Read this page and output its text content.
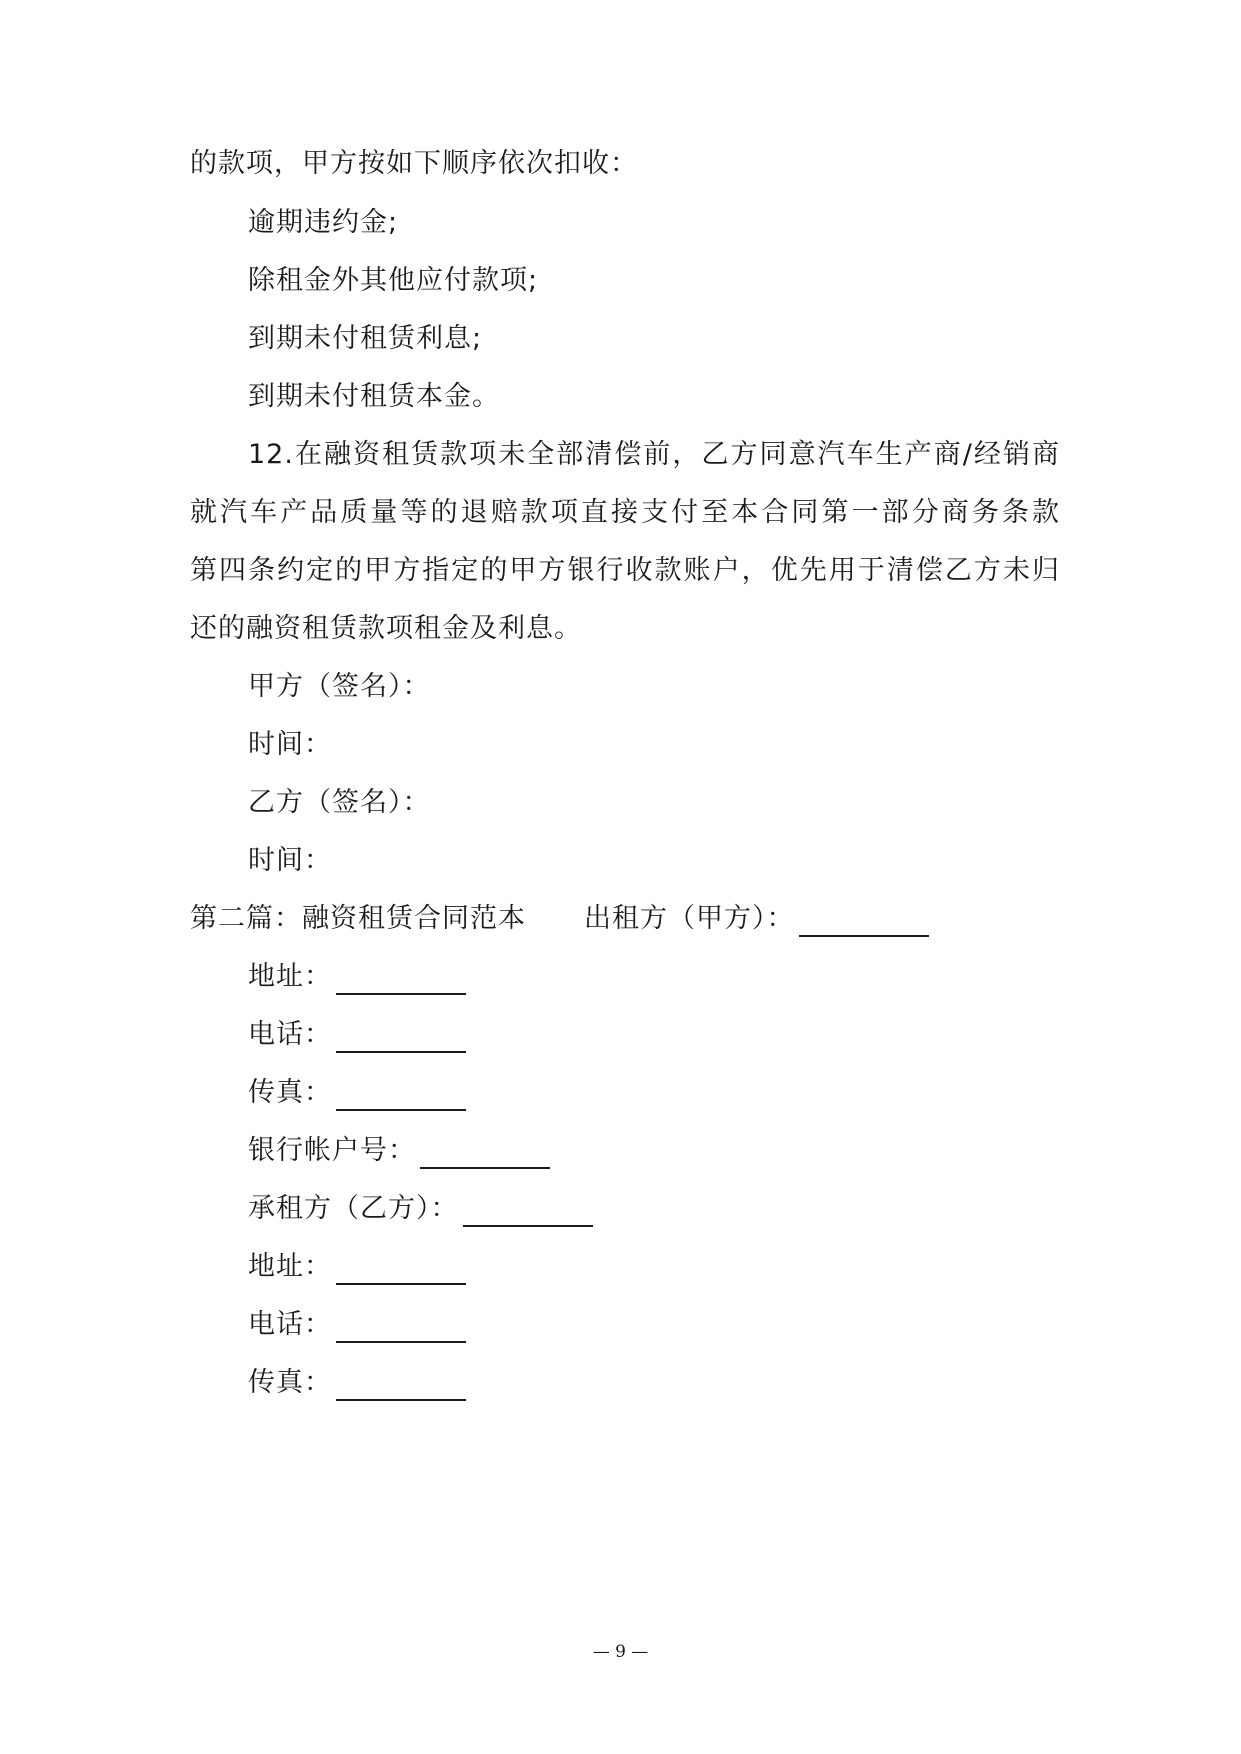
的款项，甲方按如下顺序依次扣收：
逾期违约金;
除租金外其他应付款项;
到期未付租赁利息;
到期未付租赁本金。
12.在融资租赁款项未全部清偿前，乙方同意汽车生产商/经销商
就汽车产品质量等的退赔款项直接支付至本合同第一部分商务条款
第四条约定的甲方指定的甲方银行收款账户，优先用于清偿乙方未归
还的融资租赁款项租金及利息。
甲方（签名）：
时间：
乙方（签名）：
时间：
第二篇：融资租赁合同范本 出租方（甲方）：
地址：
电话：
传真：
银行帐户号：
承租方（乙方）：
地址：
电话：
传真：
— 9 —
